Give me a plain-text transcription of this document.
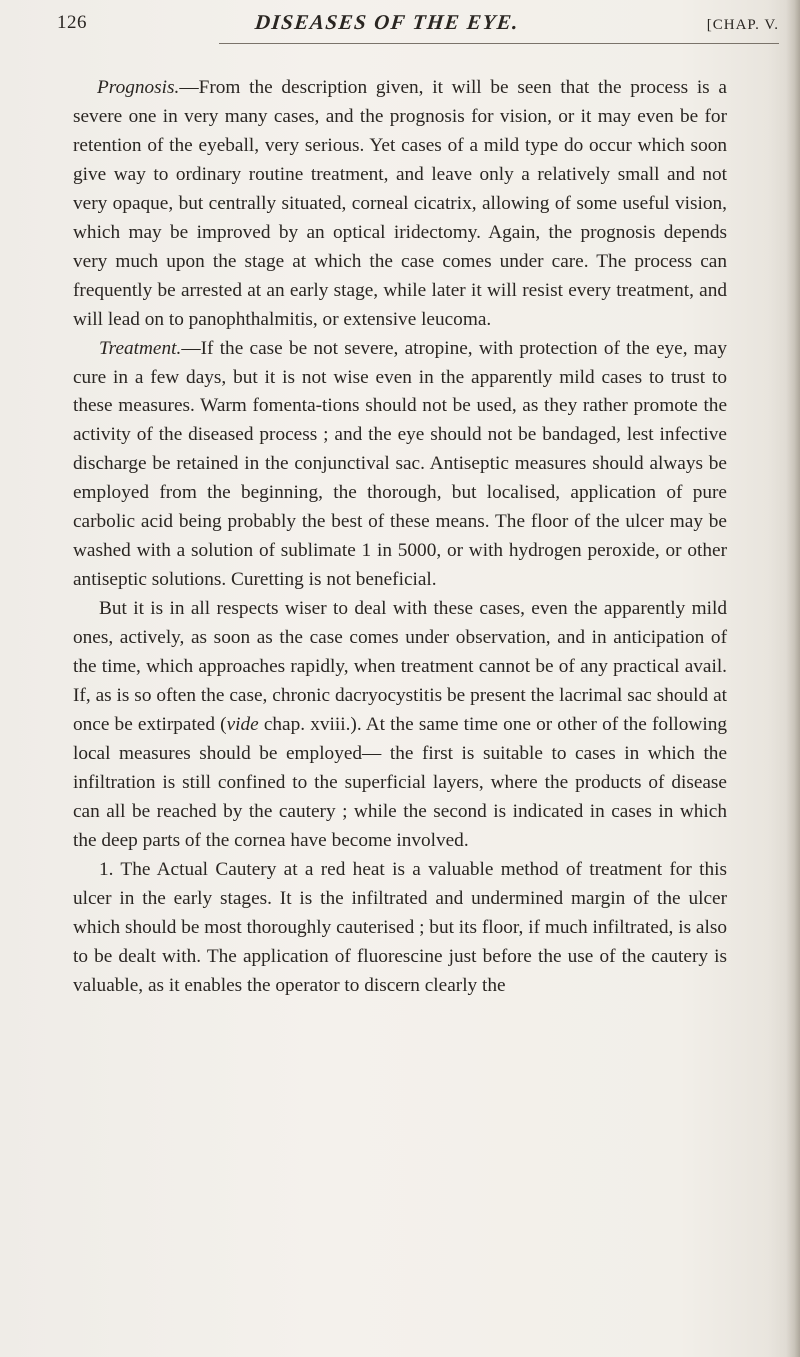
126	DISEASES OF THE EYE.	[CHAP. V.

Prognosis.—From the description given, it will be seen that the process is a severe one in very many cases, and the prognosis for vision, or it may even be for retention of the eyeball, very serious. Yet cases of a mild type do occur which soon give way to ordinary routine treatment, and leave only a relatively small and not very opaque, but centrally situated, corneal cicatrix, allowing of some useful vision, which may be improved by an optical iridectomy. Again, the prognosis depends very much upon the stage at which the case comes under care. The process can frequently be arrested at an early stage, while later it will resist every treatment, and will lead on to panophthalmitis, or extensive leucoma.

Treatment.—If the case be not severe, atropine, with protection of the eye, may cure in a few days, but it is not wise even in the apparently mild cases to trust to these measures. Warm fomenta-tions should not be used, as they rather promote the activity of the diseased process ; and the eye should not be bandaged, lest infective discharge be retained in the conjunctival sac. Antiseptic measures should always be employed from the beginning, the thorough, but localised, application of pure carbolic acid being probably the best of these means. The floor of the ulcer may be washed with a solution of sublimate 1 in 5000, or with hydrogen peroxide, or other antiseptic solutions. Curetting is not beneficial.

But it is in all respects wiser to deal with these cases, even the apparently mild ones, actively, as soon as the case comes under observation, and in anticipation of the time, which approaches rapidly, when treatment cannot be of any practical avail. If, as is so often the case, chronic dacryocystitis be present the lacrimal sac should at once be extirpated (vide chap. xviii.). At the same time one or other of the following local measures should be employed— the first is suitable to cases in which the infiltration is still confined to the superficial layers, where the products of disease can all be reached by the cautery ; while the second is indicated in cases in which the deep parts of the cornea have become involved.

1. The Actual Cautery at a red heat is a valuable method of treatment for this ulcer in the early stages. It is the infiltrated and undermined margin of the ulcer which should be most thoroughly cauterised ; but its floor, if much infiltrated, is also to be dealt with. The application of fluorescine just before the use of the cautery is valuable, as it enables the operator to discern clearly the
